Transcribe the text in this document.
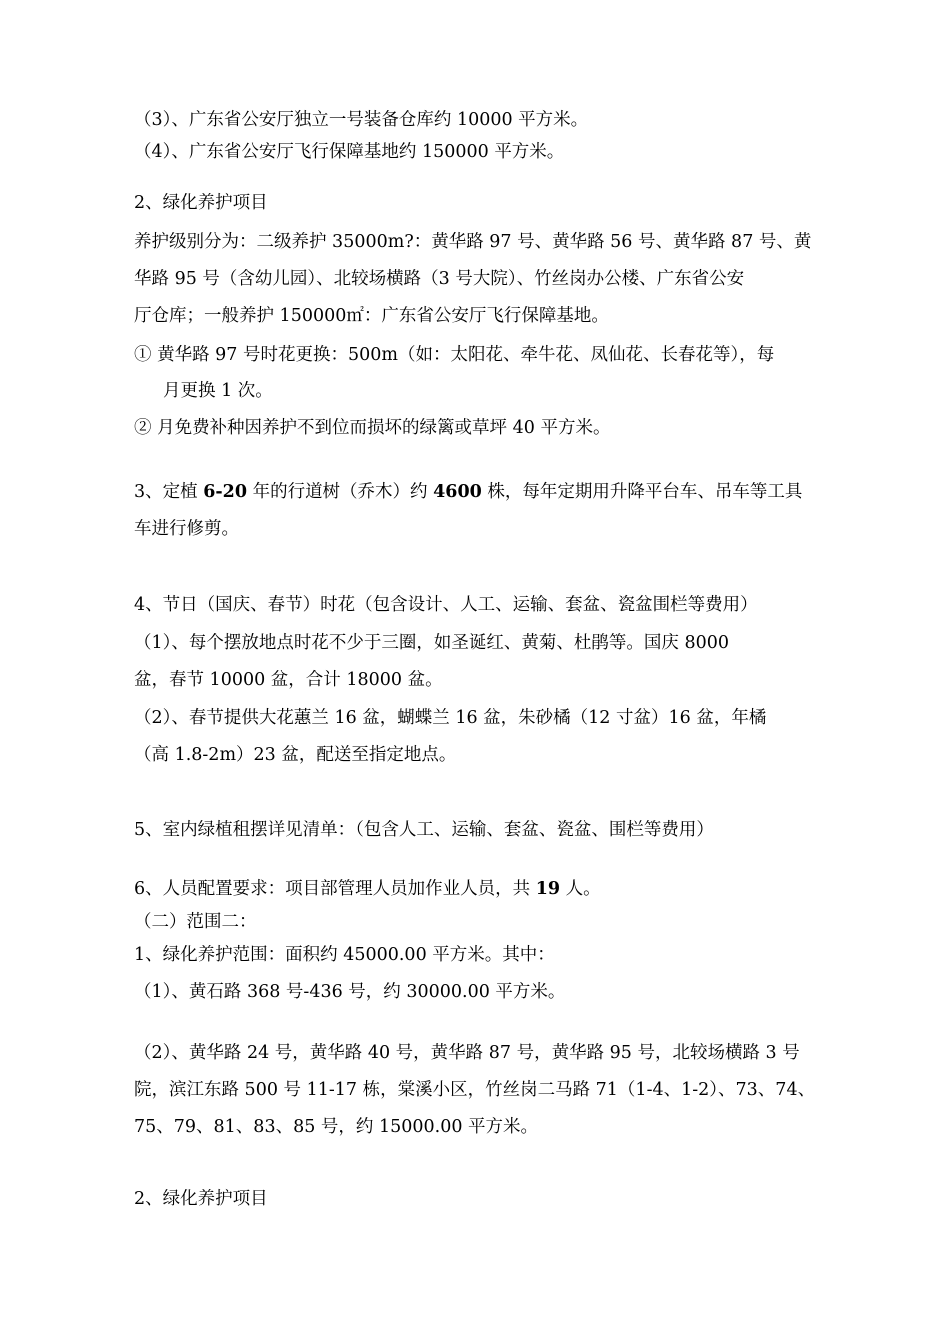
（3）、广东省公安厅独立一号装备仓库约 10000 平方米。

（4）、广东省公安厅飞行保障基地约 150000 平方米。

2、绿化养护项目

养护级别分为：二级养护 35000m?：黄华路 97 号、黄华路 56 号、黄华路 87 号、黄

华路 95 号（含幼儿园）、北较场横路（3 号大院）、竹丝岗办公楼、广东省公安

厅仓库；一般养护 150000㎡：广东省公安厅飞行保障基地。

① 黄华路 97 号时花更换：500m（如：太阳花、牵牛花、凤仙花、长春花等），每

月更换 1 次。

② 月免费补种因养护不到位而损坏的绿篱或草坪 40 平方米。

3、定植 6-20 年的行道树（乔木）约 4600 株，每年定期用升降平台车、吊车等工具

车进行修剪。

4、节日（国庆、春节）时花（包含设计、人工、运输、套盆、瓷盆围栏等费用）

（1）、每个摆放地点时花不少于三圈，如圣诞红、黄菊、杜鹃等。国庆 8000

盆，春节 10000 盆，合计 18000 盆。

（2）、春节提供大花蕙兰 16 盆，蝴蝶兰 16 盆，朱砂橘（12 寸盆）16 盆，年橘

（高 1.8-2m）23 盆，配送至指定地点。

5、室内绿植租摆详见清单：（包含人工、运输、套盆、瓷盆、围栏等费用）

6、人员配置要求：项目部管理人员加作业人员，共 19 人。

（二）范围二：

1、绿化养护范围：面积约 45000.00 平方米。其中：

（1）、黄石路 368 号-436 号，约 30000.00 平方米。

（2）、黄华路 24 号，黄华路 40 号，黄华路 87 号，黄华路 95 号，北较场横路 3 号

院，滨江东路 500 号 11-17 栋，棠溪小区，竹丝岗二马路 71（1-4、1-2）、73、74、

75、79、81、83、85 号，约 15000.00 平方米。

2、绿化养护项目
